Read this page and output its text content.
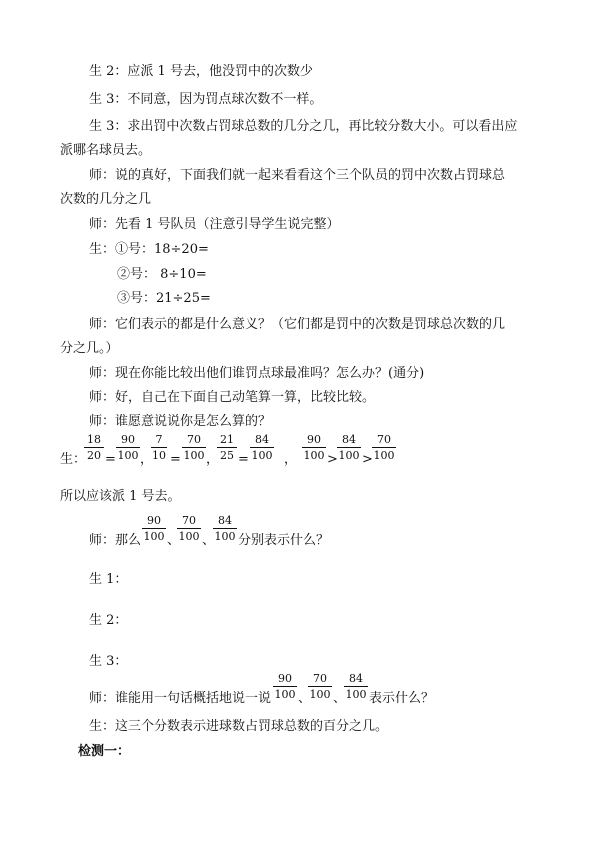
生 2：应派 1 号去，他没罚中的次数少
生 3：不同意，因为罚点球次数不一样。
生 3：求出罚中次数占罚球总数的几分之几，再比较分数大小。可以看出应
派哪名球员去。
师：说的真好，下面我们就一起来看看这个三个队员的罚中次数占罚球总
次数的几分之几
师：先看 1 号队员（注意引导学生说完整）
生：①号：18÷20=
②号： 8÷10=
③号：21÷25=
师：它们表示的都是什么意义？（它们都是罚中的次数是罚球总次数的几
分之几。）
师：现在你能比较出他们谁罚点球最准吗？怎么办？(通分)
师：好，自己在下面自己动笔算一算，比较比较。
师：谁愿意说说你是怎么算的？
生：
18
20 =
90
100 ，
7
10 =
70
100 ，
21
25 =
84
100 ，
90
100 >
84
100 >
70
100
所以应该派 1 号去。
师：那么
90
100 、
70
100 、
84
100 分别表示什么？
生 1：
生 2：
生 3：
师：谁能用一句话概括地说一说
90
100 、
70
100 、
84
100 表示什么？
生：这三个分数表示进球数占罚球总数的百分之几。
检测一：
